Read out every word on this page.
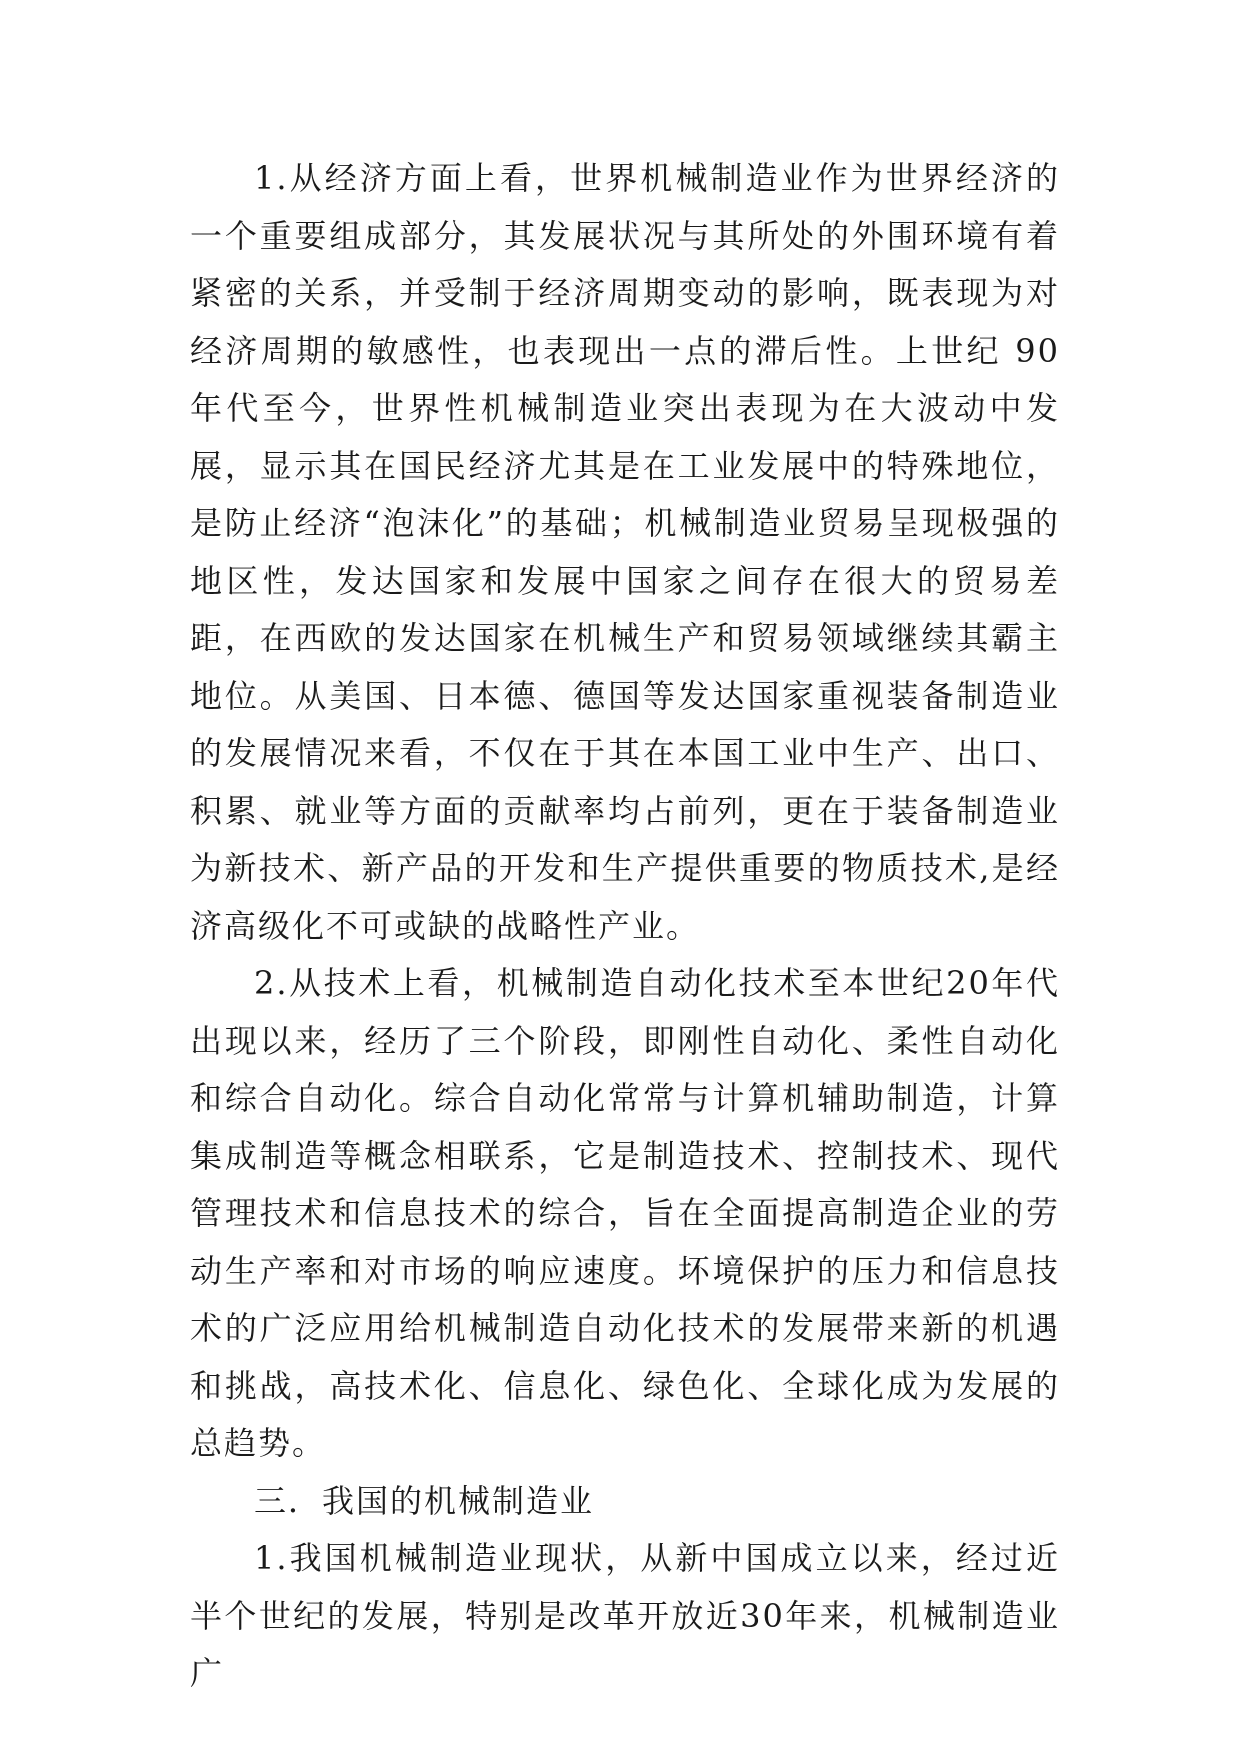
1.从经济方面上看，世界机械制造业作为世界经济的一个重要组成部分，其发展状况与其所处的外围环境有着紧密的关系，并受制于经济周期变动的影响，既表现为对经济周期的敏感性，也表现出一点的滞后性。上世纪 90 年代至今，世界性机械制造业突出表现为在大波动中发展，显示其在国民经济尤其是在工业发展中的特殊地位，是防止经济“泡沫化”的基础；机械制造业贸易呈现极强的地区性，发达国家和发展中国家之间存在很大的贸易差距，在西欧的发达国家在机械生产和贸易领域继续其霸主地位。从美国、日本德、德国等发达国家重视装备制造业的发展情况来看，不仅在于其在本国工业中生产、出口、积累、就业等方面的贡献率均占前列，更在于装备制造业为新技术、新产品的开发和生产提供重要的物质技术,是经济高级化不可或缺的战略性产业。

2.从技术上看，机械制造自动化技术至本世纪20年代出现以来，经历了三个阶段，即刚性自动化、柔性自动化和综合自动化。综合自动化常常与计算机辅助制造，计算集成制造等概念相联系，它是制造技术、控制技术、现代管理技术和信息技术的综合，旨在全面提高制造企业的劳动生产率和对市场的响应速度。坏境保护的压力和信息技术的广泛应用给机械制造自动化技术的发展带来新的机遇和挑战，高技术化、信息化、绿色化、全球化成为发展的总趋势。

三．我国的机械制造业

1.我国机械制造业现状，从新中国成立以来，经过近半个世纪的发展，特别是改革开放近30年来，机械制造业广
